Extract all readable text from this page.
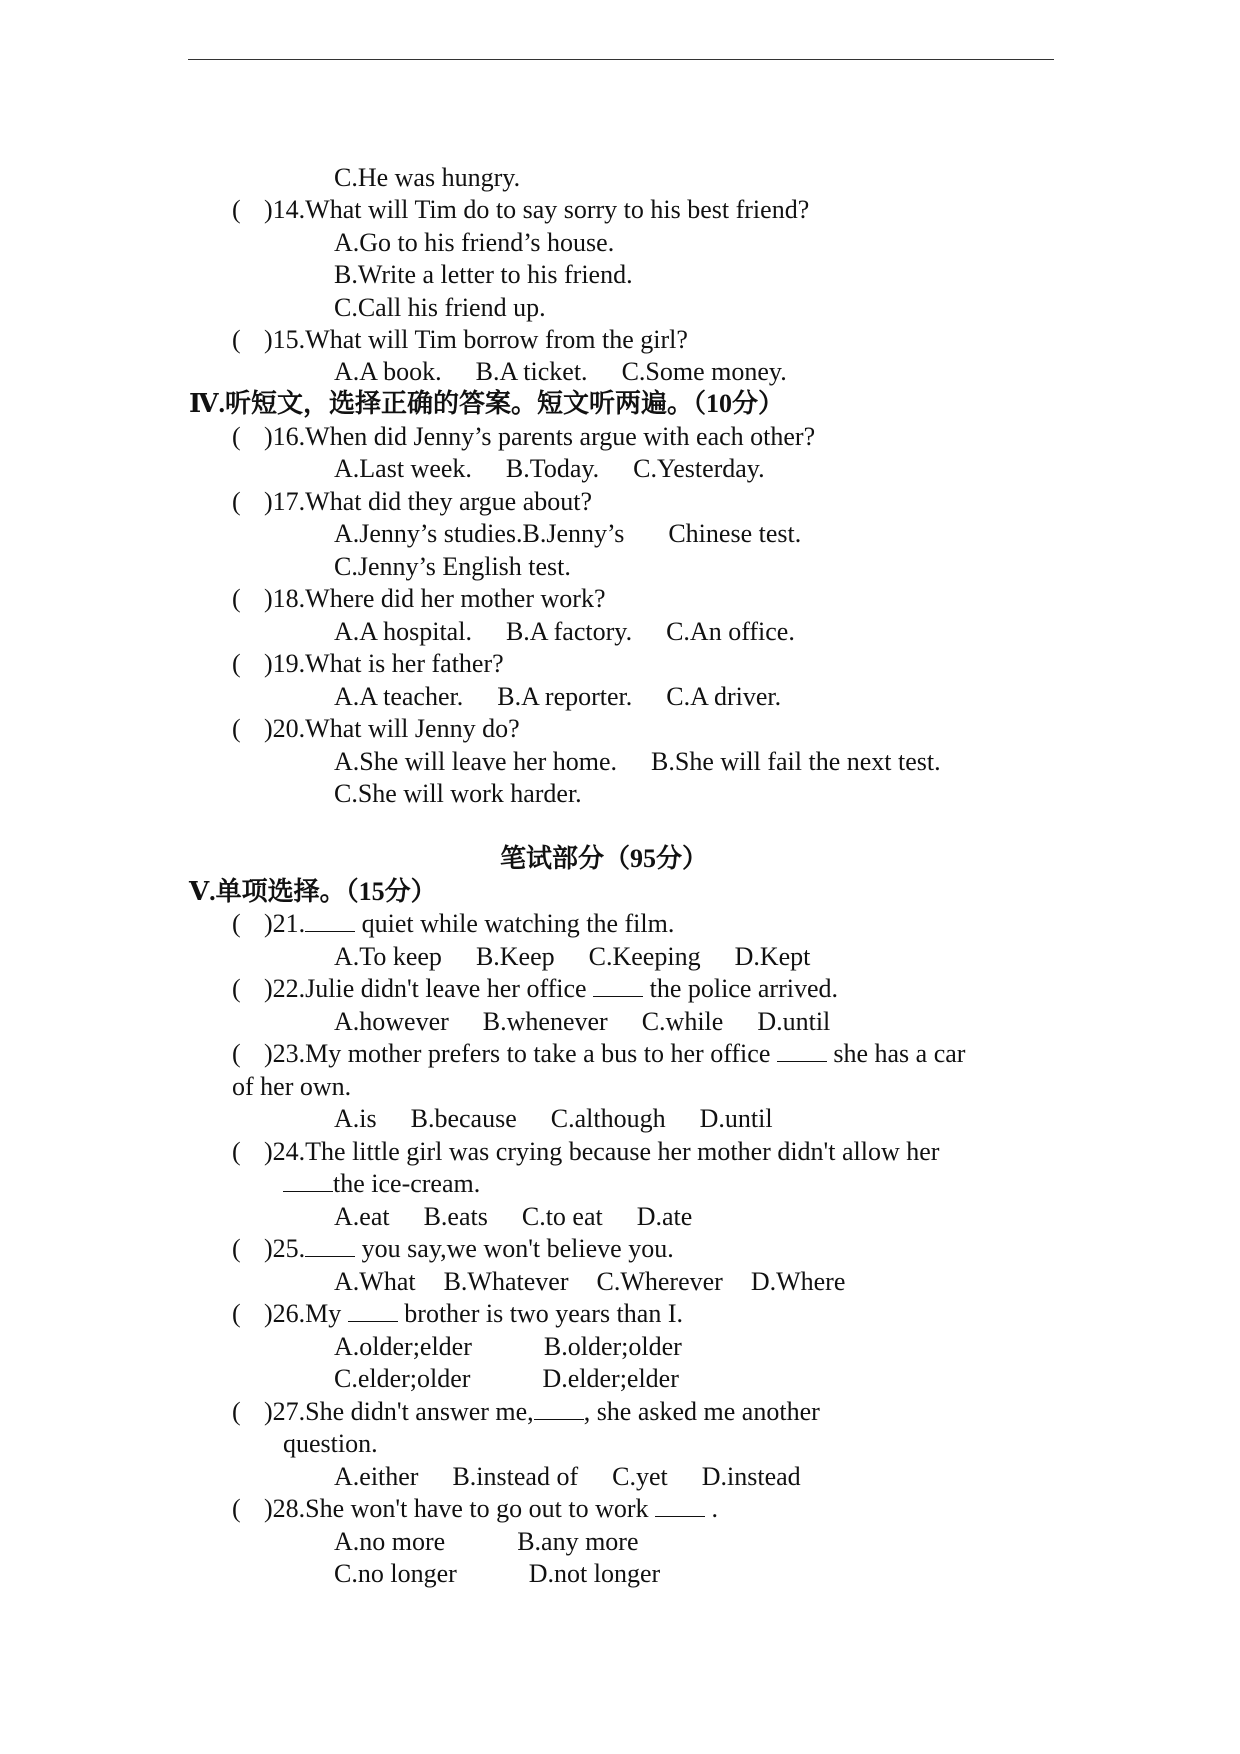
C.He was hungry.
( )14.What will Tim do to say sorry to his best friend?
A.Go to his friend’s house.
B.Write a letter to his friend.
C.Call his friend up.
( )15.What will Tim borrow from the girl?
A.A book. B.A ticket. C.Some money.
Ⅳ.听短文，选择正确的答案。短文听两遍。（10分）
( )16.When did Jenny’s parents argue with each other?
A.Last week. B.Today. C.Yesterday.
( )17.What did they argue about?
A.Jenny’s studies.B.Jenny’s Chinese test.
C.Jenny’s English test.
( )18.Where did her mother work?
A.A hospital. B.A factory. C.An office.
( )19.What is her father?
A.A teacher. B.A reporter. C.A driver.
( )20.What will Jenny do?
A.She will leave her home. B.She will fail the next test.
C.She will work harder.
笔试部分（95分）
Ⅴ.单项选择。（15分）
( )21. quiet while watching the film.
A.To keep B.Keep C.Keeping D.Kept
( )22.Julie didn't leave her office  the police arrived.
A.however B.whenever C.while D.until
( )23.My mother prefers to take a bus to her office  she has a car
of her own.
A.is B.because C.although D.until
( )24.The little girl was crying because her mother didn't allow her
the ice-cream.
A.eat B.eats C.to eat D.ate
( )25. you say,we won't believe you.
A.What B.Whatever C.Wherever D.Where
( )26.My  brother is two years than I.
A.older;elder	B.older;older
C.elder;older	D.elder;elder
( )27.She didn't answer me, , she asked me another
question.
A.either B.instead of C.yet D.instead
( )28.She won't have to go out to work  .
A.no more	B.any more
C.no longer	D.not longer
